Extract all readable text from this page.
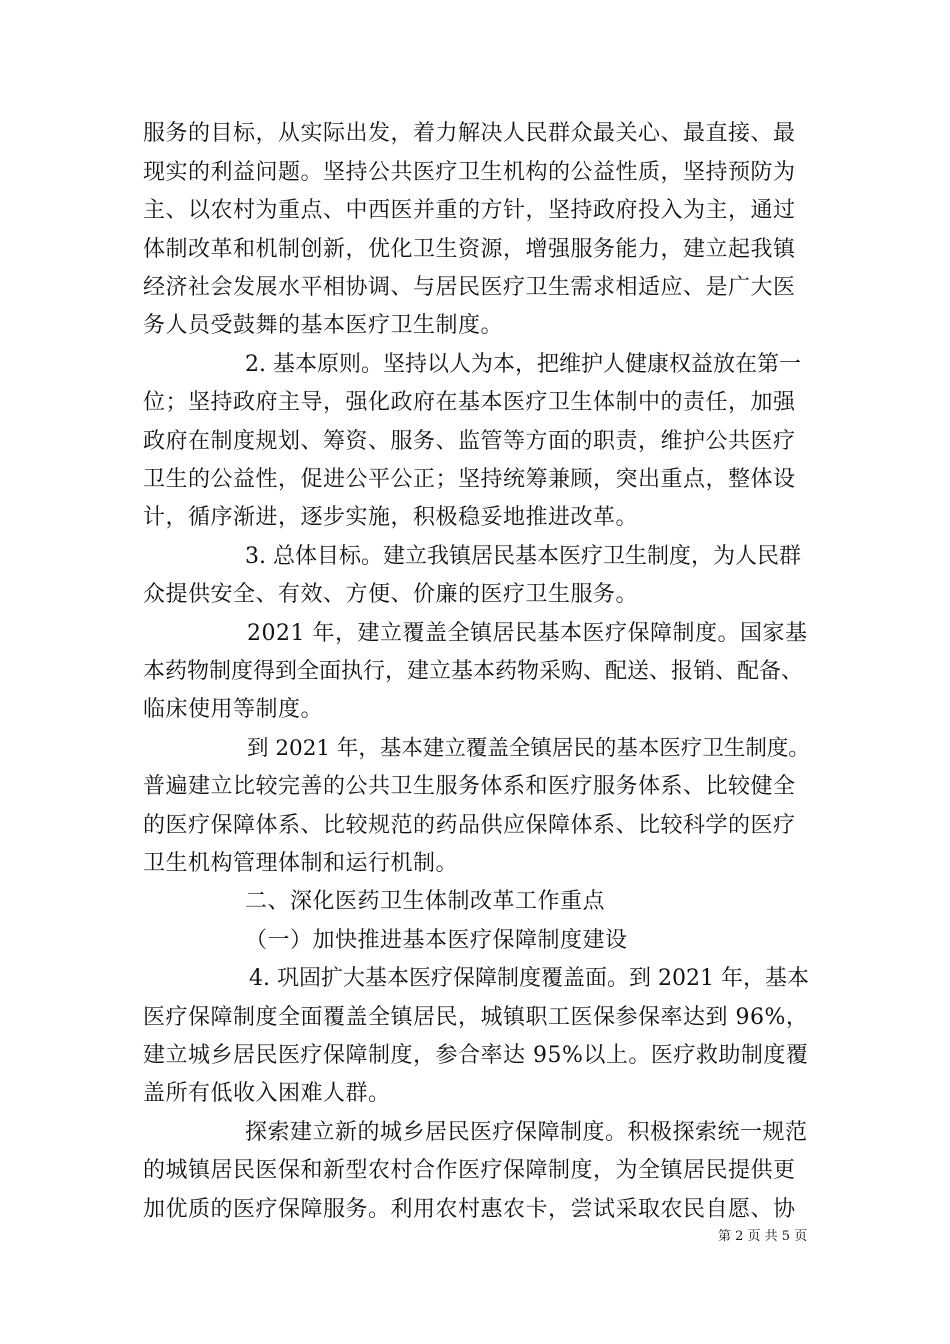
服务的目标，从实际出发，着力解决人民群众最关心、最直接、最
现实的利益问题。坚持公共医疗卫生机构的公益性质，坚持预防为
主、以农村为重点、中西医并重的方针，坚持政府投入为主，通过
体制改革和机制创新，优化卫生资源，增强服务能力，建立起我镇
经济社会发展水平相协调、与居民医疗卫生需求相适应、是广大医
务人员受鼓舞的基本医疗卫生制度。
2. 基本原则。坚持以人为本，把维护人健康权益放在第一
位；坚持政府主导，强化政府在基本医疗卫生体制中的责任，加强
政府在制度规划、筹资、服务、监管等方面的职责，维护公共医疗
卫生的公益性，促进公平公正；坚持统筹兼顾，突出重点，整体设
计，循序渐进，逐步实施，积极稳妥地推进改革。
3. 总体目标。建立我镇居民基本医疗卫生制度，为人民群
众提供安全、有效、方便、价廉的医疗卫生服务。
2021 年，建立覆盖全镇居民基本医疗保障制度。国家基
本药物制度得到全面执行，建立基本药物采购、配送、报销、配备、
临床使用等制度。
到 2021 年，基本建立覆盖全镇居民的基本医疗卫生制度。
普遍建立比较完善的公共卫生服务体系和医疗服务体系、比较健全
的医疗保障体系、比较规范的药品供应保障体系、比较科学的医疗
卫生机构管理体制和运行机制。
二、深化医药卫生体制改革工作重点
（一）加快推进基本医疗保障制度建设
4. 巩固扩大基本医疗保障制度覆盖面。到 2021 年，基本
医疗保障制度全面覆盖全镇居民，城镇职工医保参保率达到 96%，
建立城乡居民医疗保障制度，参合率达 95%以上。医疗救助制度覆
盖所有低收入困难人群。
探索建立新的城乡居民医疗保障制度。积极探索统一规范
的城镇居民医保和新型农村合作医疗保障制度，为全镇居民提供更
加优质的医疗保障服务。利用农村惠农卡，尝试采取农民自愿、协
第 2 页 共 5 页
